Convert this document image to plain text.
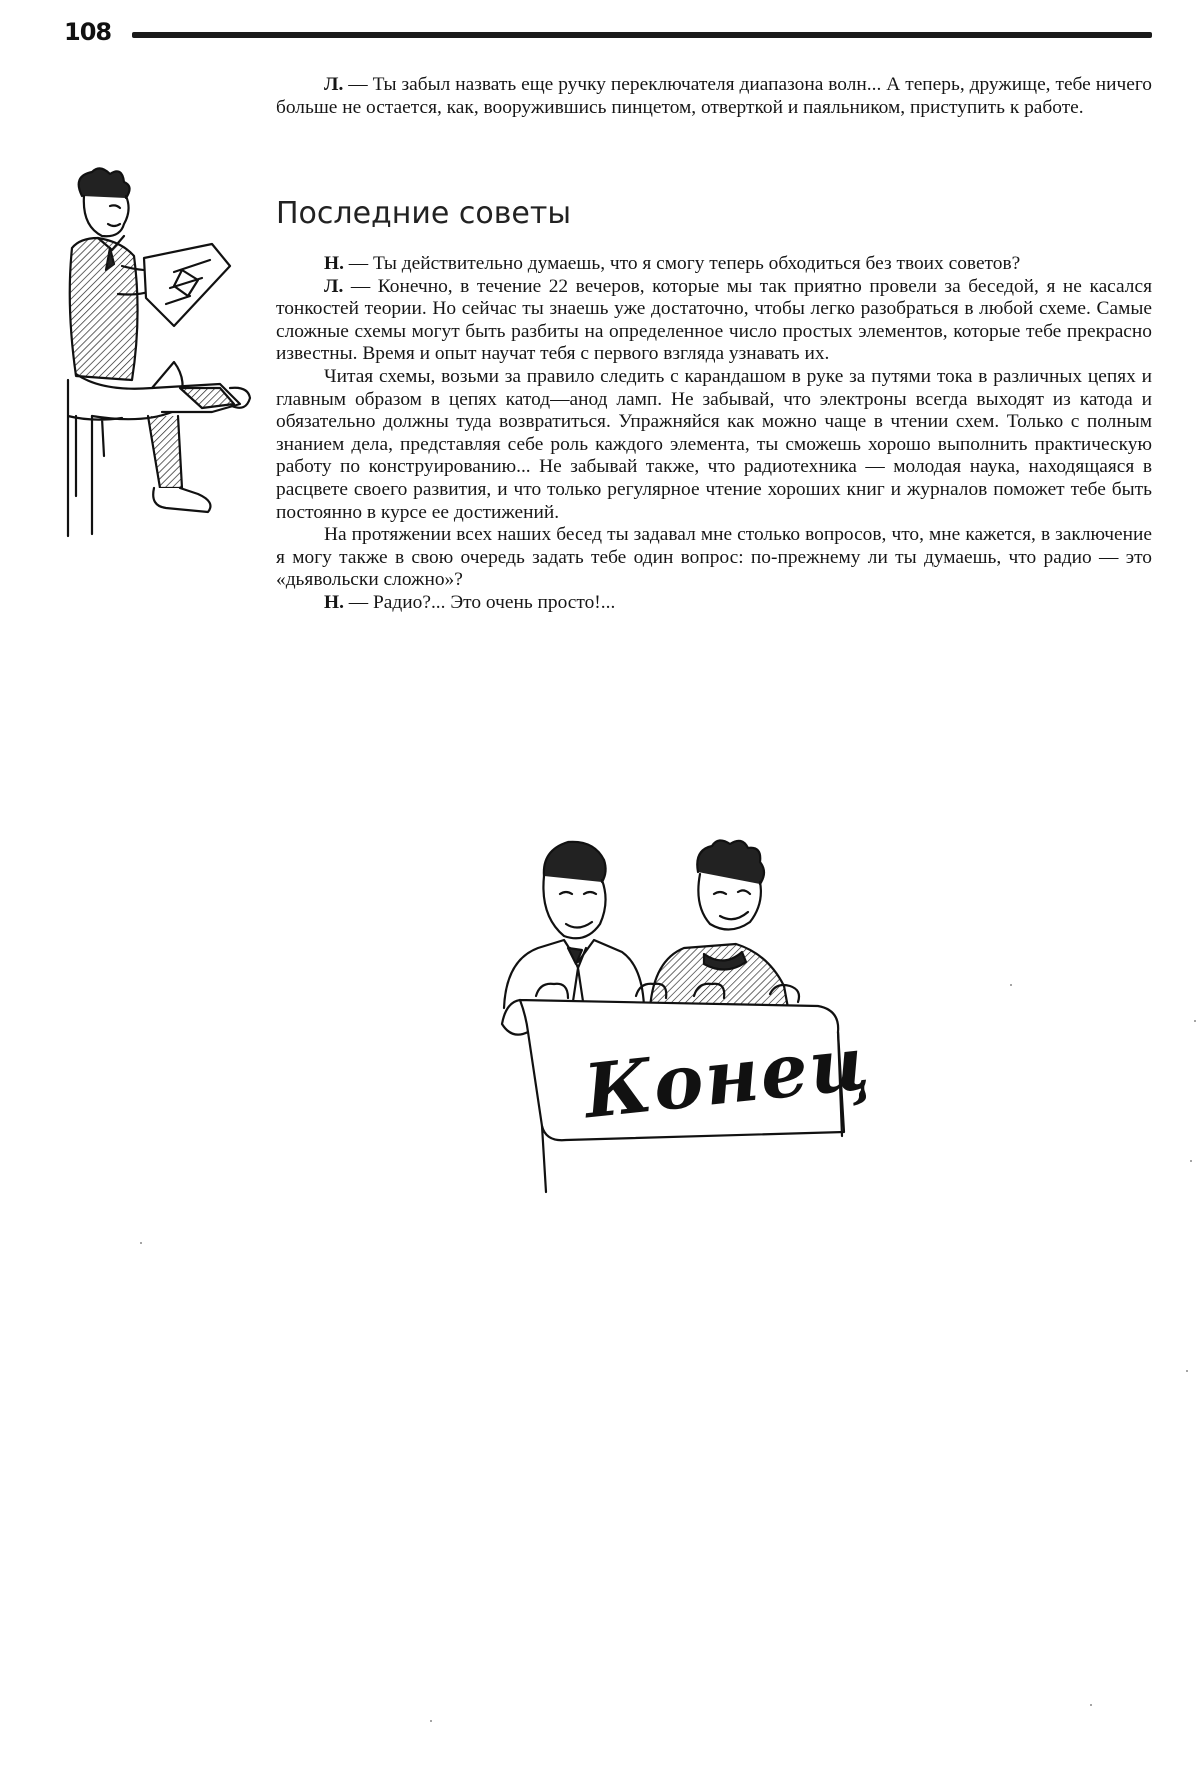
108

Л. — Ты забыл назвать еще ручку переключателя диапазона волн... А теперь, дружище, тебе ничего больше не остается, как, вооружившись пинцетом, отверткой и паяльником, приступить к работе.

Последние советы

Н. — Ты действительно думаешь, что я смогу теперь обходиться без твоих советов?

Л. — Конечно, в течение 22 вечеров, которые мы так приятно провели за беседой, я не касался тонкостей теории. Но сейчас ты знаешь уже достаточно, чтобы легко разобраться в любой схеме. Самые сложные схемы могут быть разбиты на определенное число простых элементов, которые тебе прекрасно известны. Время и опыт научат тебя с первого взгляда узнавать их.

Читая схемы, возьми за правило следить с карандашом в руке за путями тока в различных цепях и главным образом в цепях катод—анод ламп. Не забывай, что электроны всегда выходят из катода и обязательно должны туда возвратиться. Упражняйся как можно чаще в чтении схем. Только с полным знанием дела, представляя себе роль каждого элемента, ты сможешь хорошо выполнить практическую работу по конструированию... Не забывай также, что радиотехника — молодая наука, находящаяся в расцвете своего развития, и что только регулярное чтение хороших книг и журналов поможет тебе быть постоянно в курсе ее достижений.

На протяжении всех наших бесед ты задавал мне столько вопросов, что, мне кажется, в заключение я могу также в свою очередь задать тебе один вопрос: по-прежнему ли ты думаешь, что радио — это «дьявольски сложно»?

Н. — Радио?... Это очень просто!...

Конец
